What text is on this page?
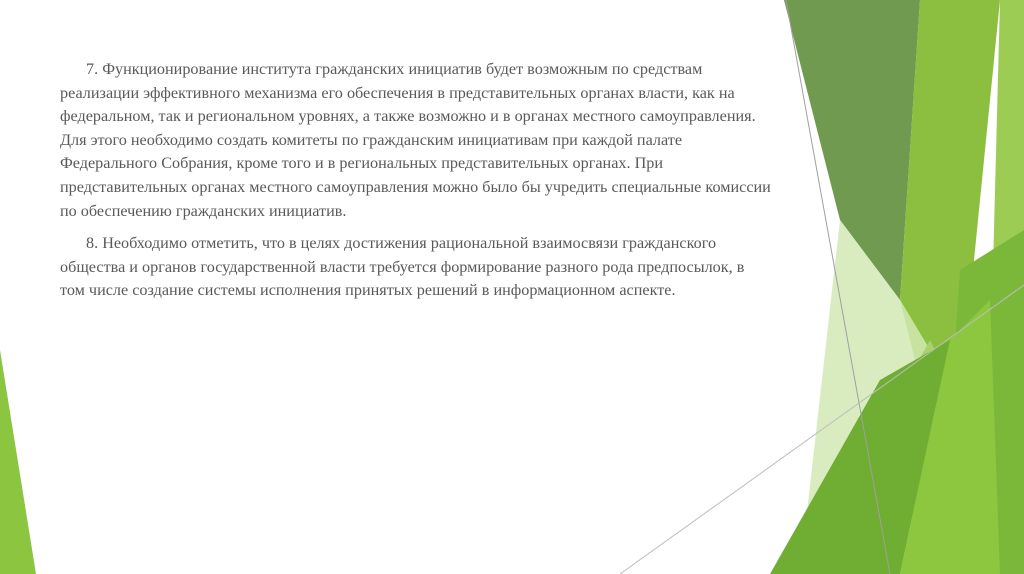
7. Функционирование института гражданских инициатив будет возможным по средствам реализации эффективного механизма его обеспечения в представительных органах власти, как на федеральном, так и региональном уровнях, а также возможно и в органах местного самоуправления. Для этого необходимо создать комитеты по гражданским инициативам при каждой палате Федерального Собрания, кроме того и в региональных представительных органах. При представительных органах местного самоуправления можно было бы учредить специальные комиссии по обеспечению гражданских инициатив.

8. Необходимо отметить, что в целях достижения рациональной взаимосвязи гражданского общества и органов государственной власти требуется формирование разного рода предпосылок, в том числе создание системы исполнения принятых решений в информационном аспекте.
